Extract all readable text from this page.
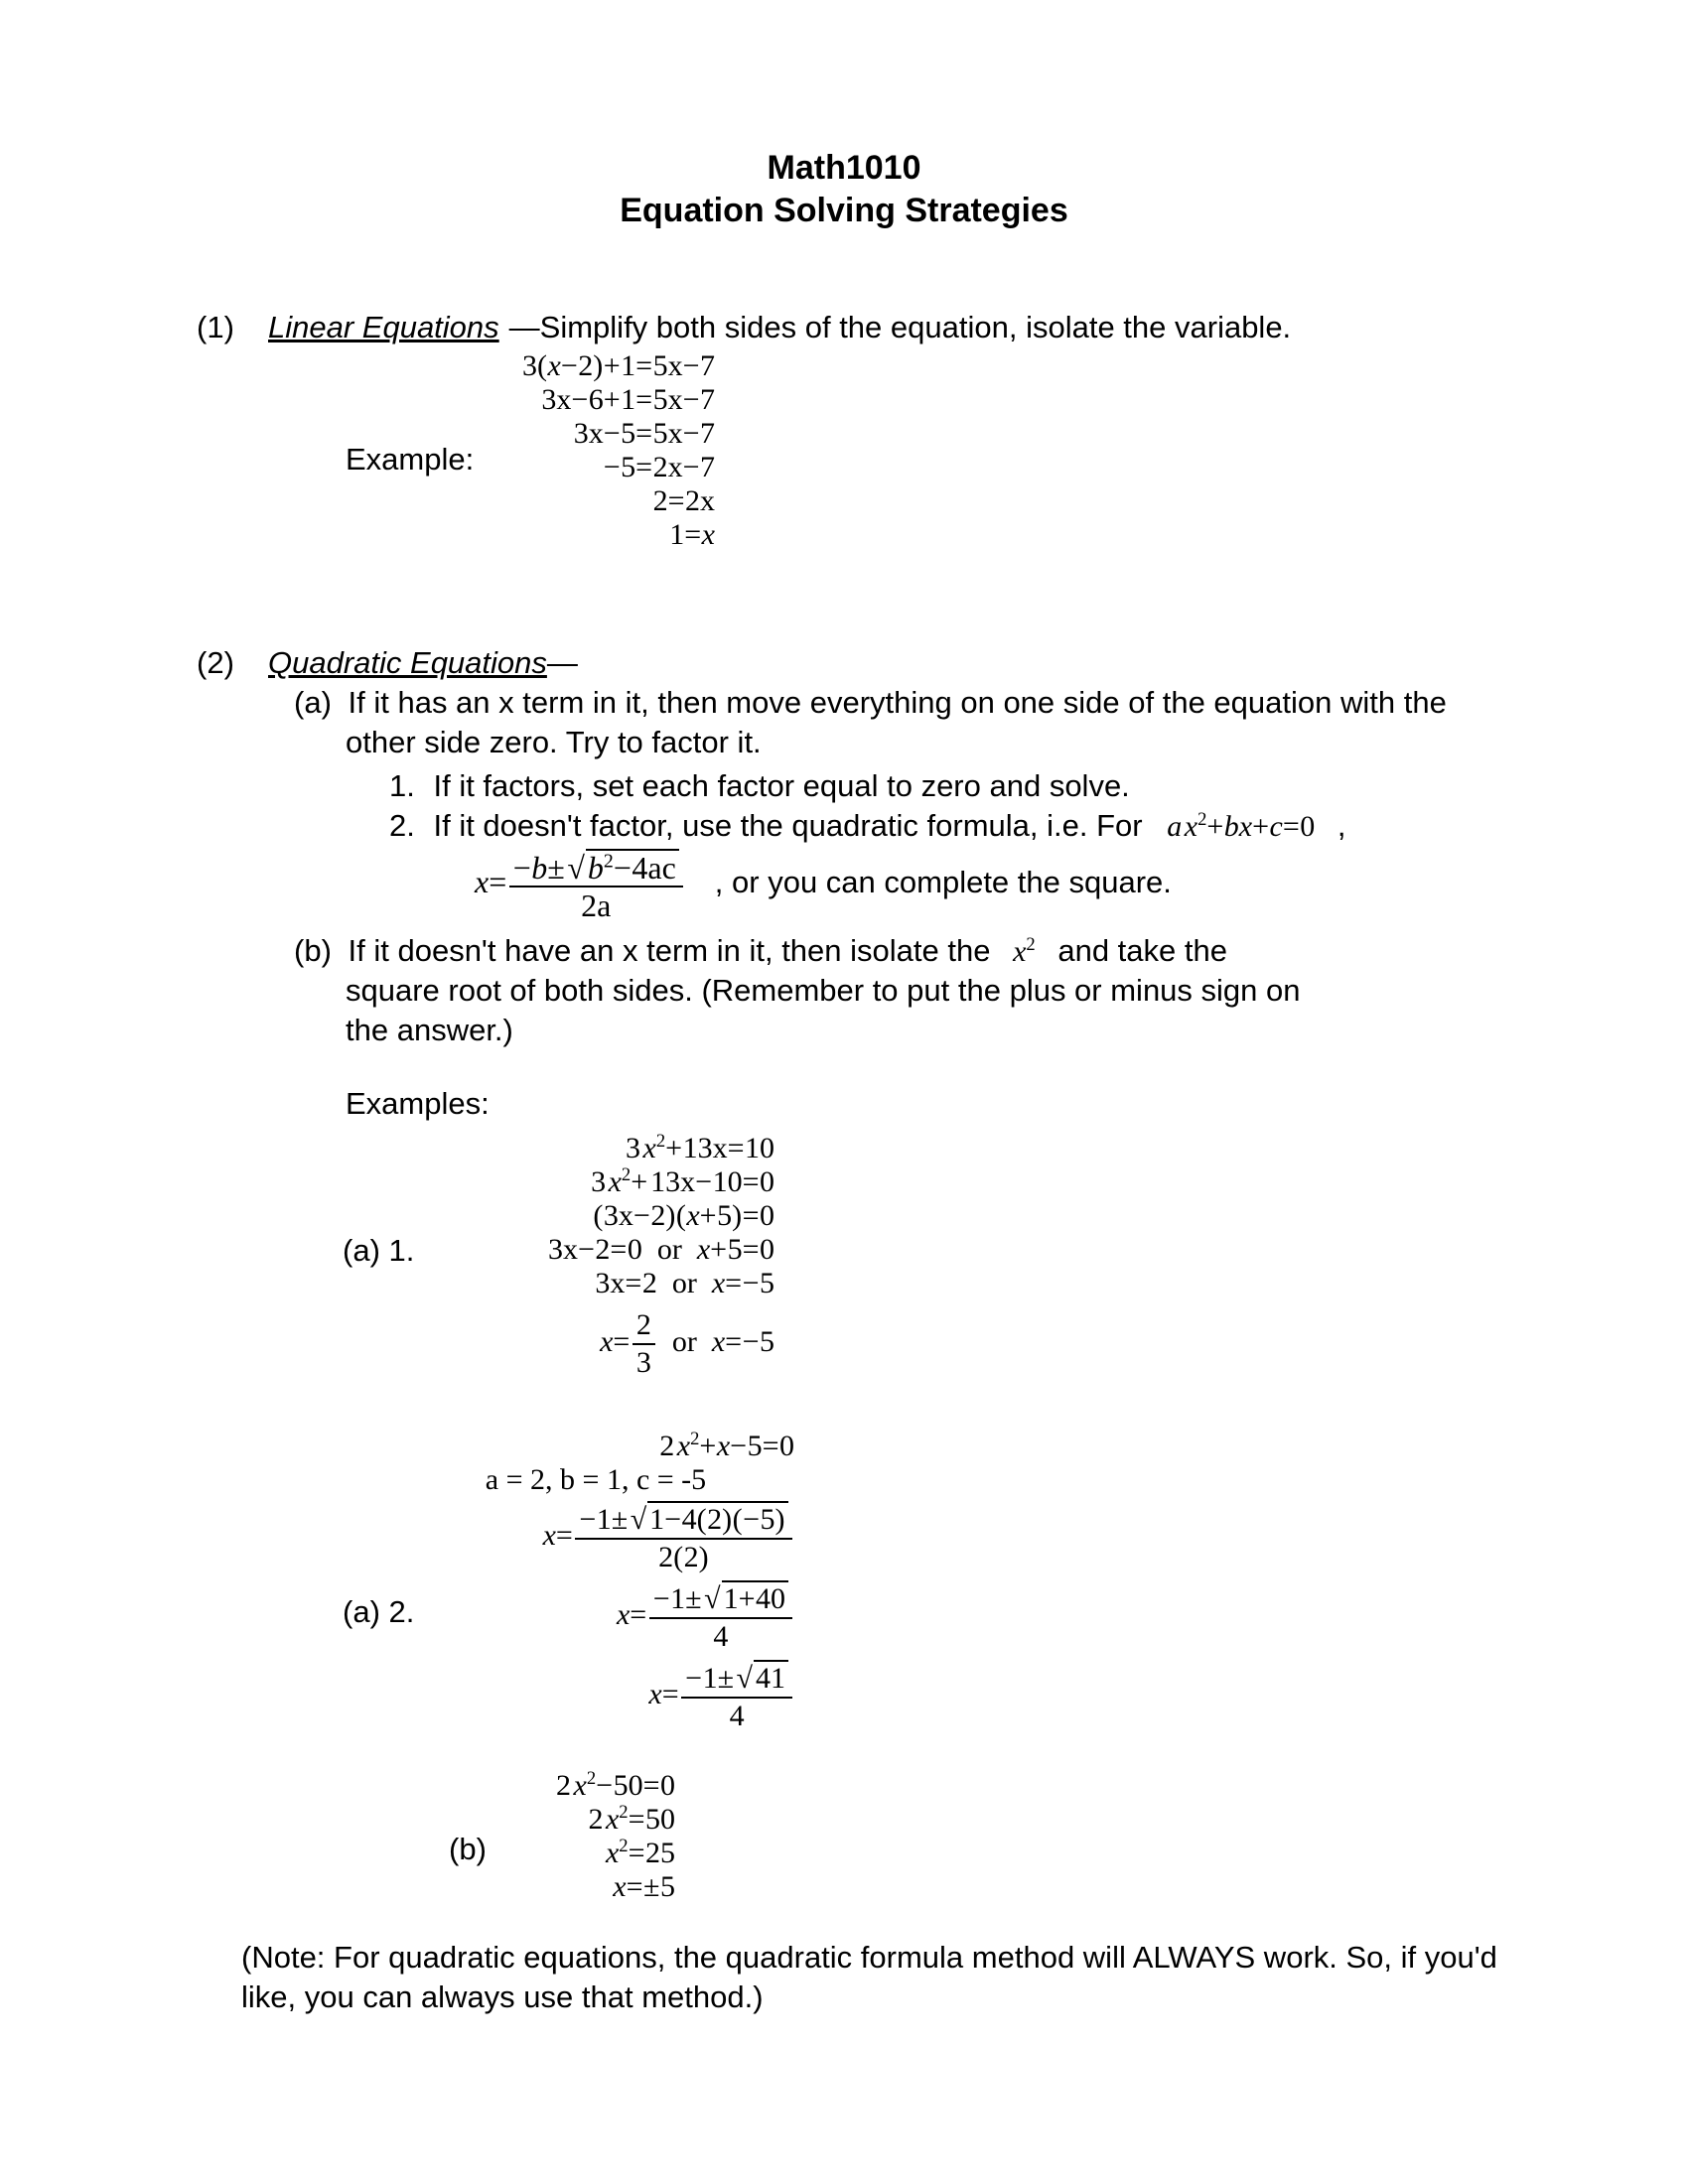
Math1010
Equation Solving Strategies
(1) Linear Equations —Simplify both sides of the equation, isolate the variable.
Example:
3(x−2)+1=5x−7
3x−6+1=5x−7
3x−5=5x−7
−5=2x−7
2=2x
1=x
(2) Quadratic Equations—
(a) If it has an x term in it, then move everything on one side of the equation with the other side zero. Try to factor it.
1. If it factors, set each factor equal to zero and solve.
2. If it doesn't factor, use the quadratic formula, i.e. For a $x^2+bx+c=0$ ,
$x= \frac{-b\pm√b^2-4ac}{2a}$ , or you can complete the square.
(b) If it doesn't have an x term in it, then isolate the $x^2$ and take the square root of both sides. (Remember to put the plus or minus sign on the answer.)
Examples:
(a) 1.
3 $x^2+13x=10$
3 $x^2+$ 13x−10=0
(3x−2)(x+5)=0
3x−2=0  or  x+5=0
3x=2  or  x=−5
$x= \frac{2}{3}$ or  x=−5
(a) 2.
2 $x^2+x-5=0$
a = 2, b = 1, c = -5
$x= \frac{-1\pm√ 1-4(2)(-5)}{2(2)}$
$x= \frac{-1\pm√ 1+40}{4}$
$x= \frac{-1\pm√ 41}{4}$
(b)
2 $x^2-50=0$
2 $x^2=50$
$x^2=25$
x=±5
(Note: For quadratic equations, the quadratic formula method will ALWAYS work. So, if you'd like, you can always use that method.)
